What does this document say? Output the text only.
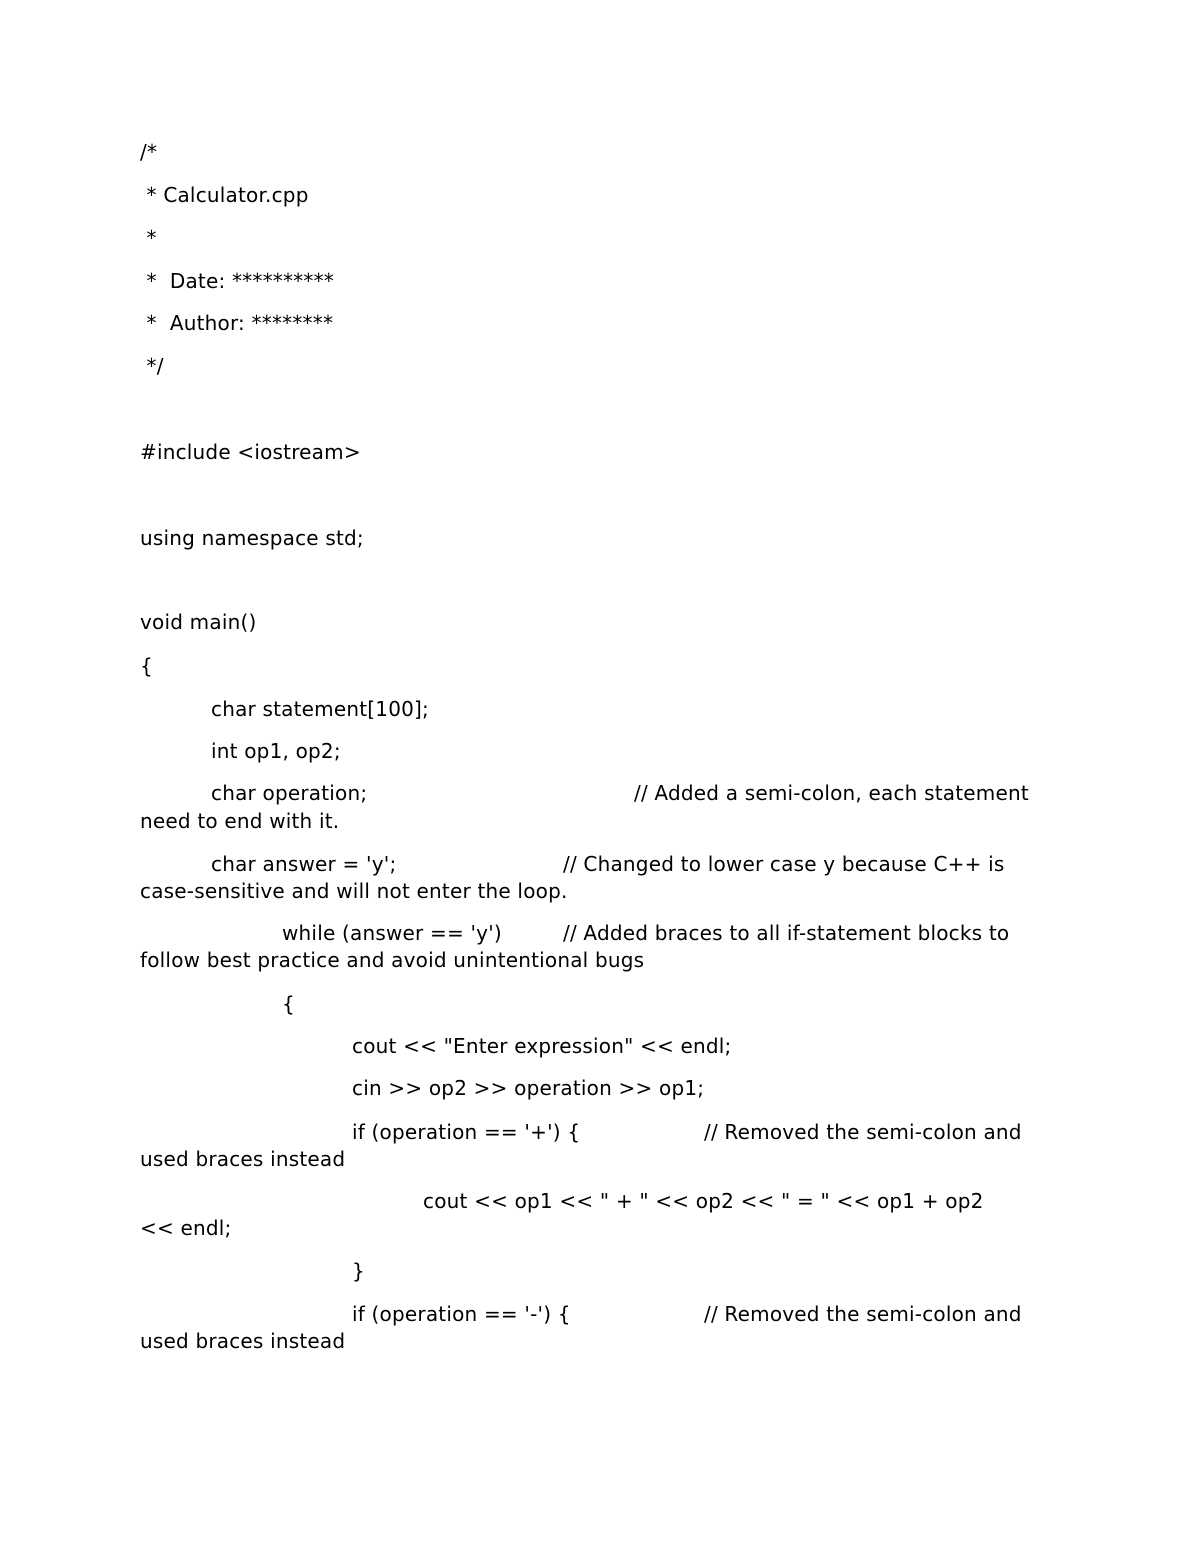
/*
* Calculator.cpp
*
*  Date: **********
*  Author: ********
*/
#include <iostream>
using namespace std;
void main()
{
char statement[100];
int op1, op2;
char operation;	// Added a semi-colon, each statement
need to end with it.
char answer = 'y';	// Changed to lower case y because C++ is
case-sensitive and will not enter the loop.
while (answer == 'y')	// Added braces to all if-statement blocks to
follow best practice and avoid unintentional bugs
{
cout << "Enter expression" << endl;
cin >> op2 >> operation >> op1;
if (operation == '+') {	// Removed the semi-colon and
used braces instead
cout << op1 << " + " << op2 << " = " << op1 + op2
<< endl;
}
if (operation == '-') {	// Removed the semi-colon and
used braces instead
